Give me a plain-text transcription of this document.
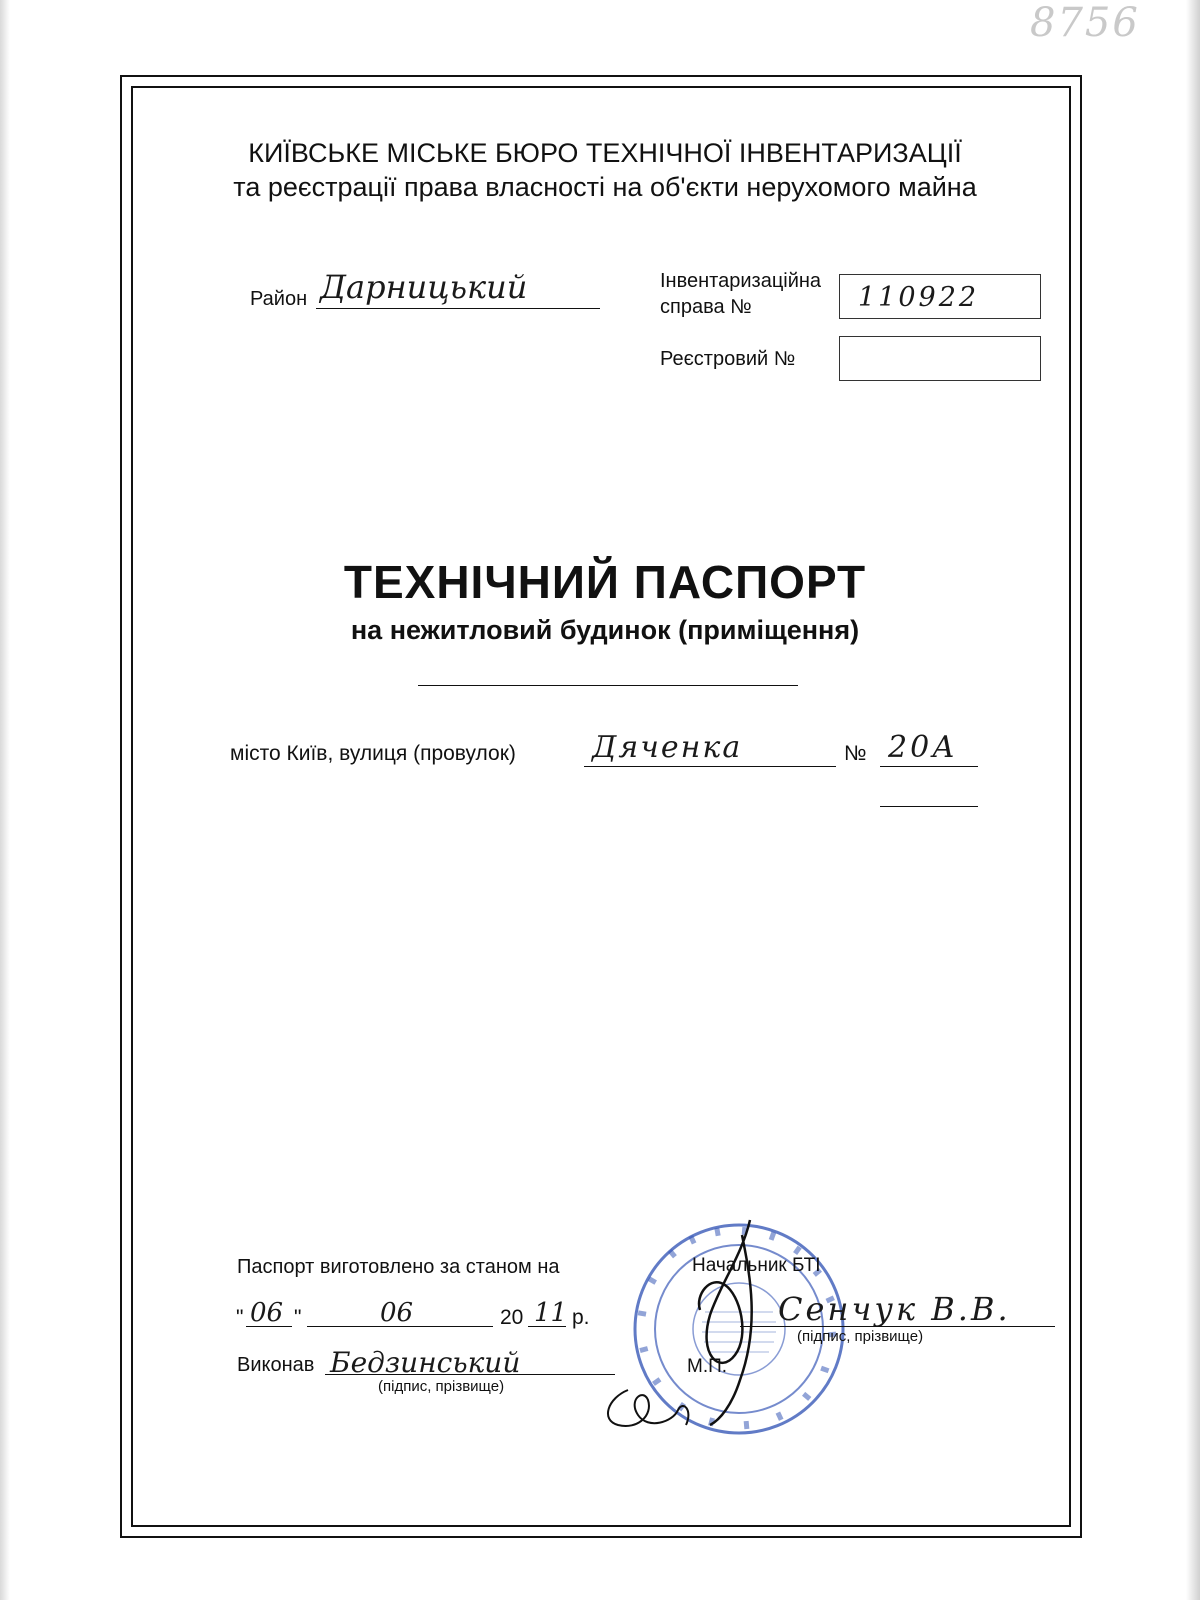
8756
КИЇВСЬКЕ МІСЬКЕ БЮРО ТЕХНІЧНОЇ ІНВЕНТАРИЗАЦІЇ
та реєстрації права власності на об'єкти нерухомого майна
Район Дарницький	Інвентаризаційна
справа №	110922
Реєстровий №
ТЕХНІЧНИЙ ПАСПОРТ
на нежитловий будинок (приміщення)
місто Київ, вулиця (провулок)	Дяченка	№ 20А
Паспорт виготовлено за станом на
" 06 "	06	20 11 р.
Виконав Бедзинський
(підпис, прізвище)
Начальник БТІ
Сенчук В.В.
(підпис, прізвище)
М.П.
